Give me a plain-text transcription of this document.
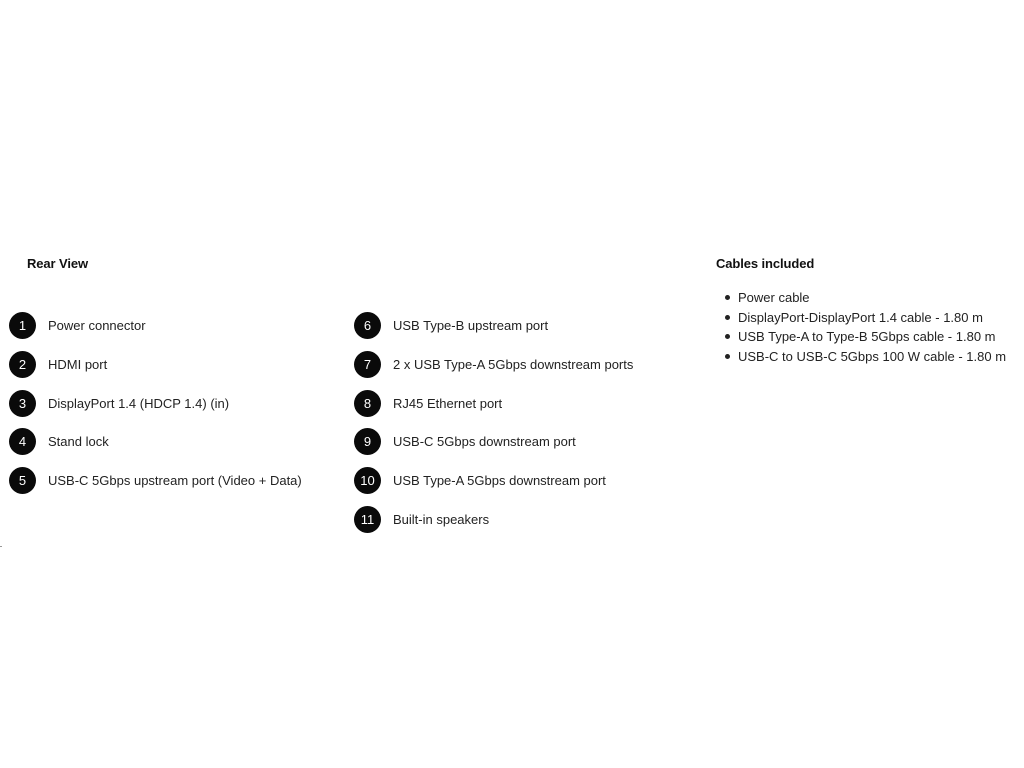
Rear View
1	Power connector
2	HDMI port
3	DisplayPort 1.4 (HDCP 1.4) (in)
4	Stand lock
5	USB-C 5Gbps upstream port (Video + Data)
6	USB Type-B upstream port
7	2 x USB Type-A 5Gbps downstream ports
8	RJ45 Ethernet port
9	USB-C 5Gbps downstream port
10	USB Type-A 5Gbps downstream port
11	Built-in speakers
Cables included
Power cable
DisplayPort-DisplayPort 1.4 cable - 1.80 m
USB Type-A to Type-B 5Gbps cable - 1.80 m
USB-C to USB-C 5Gbps 100 W cable - 1.80 m
